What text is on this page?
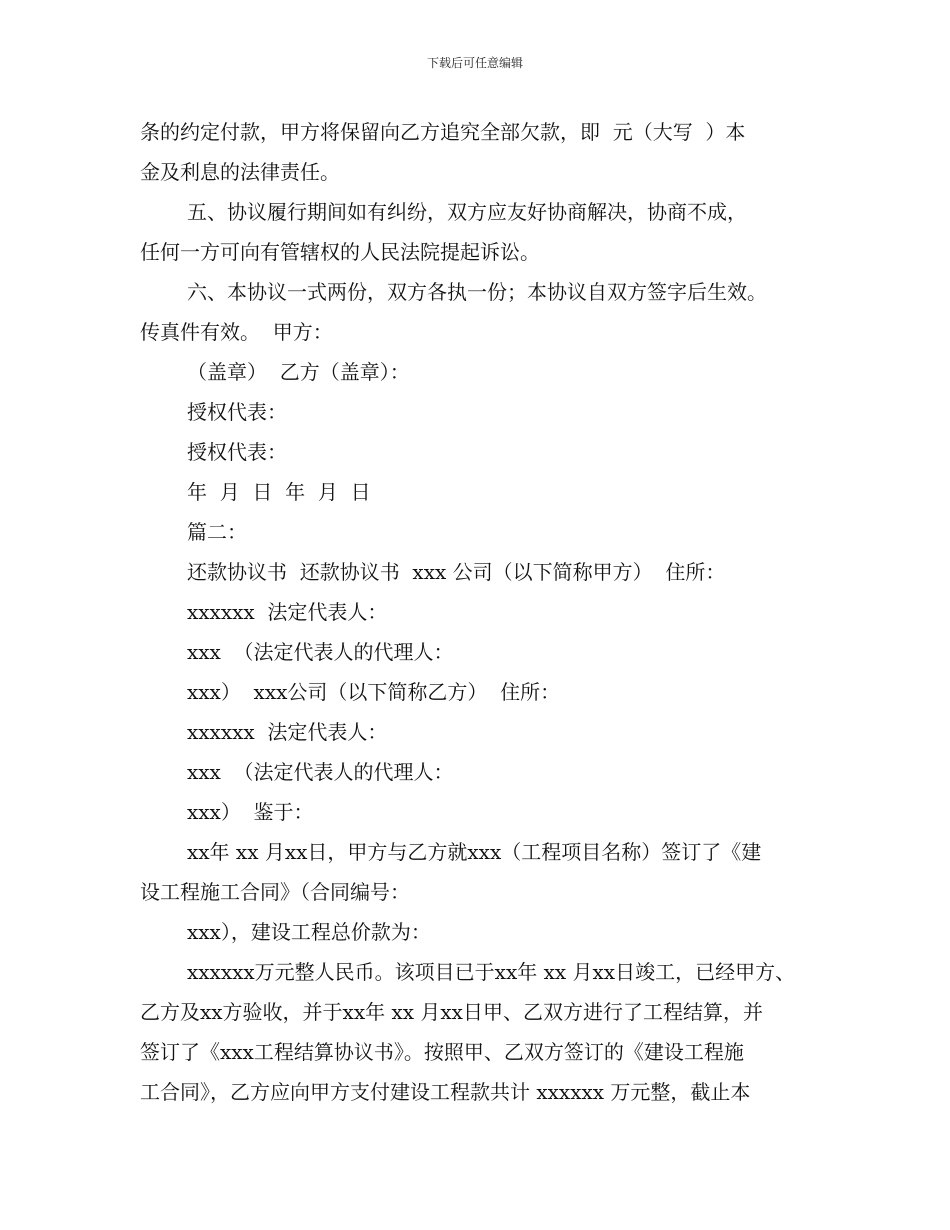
下载后可任意编辑
条的约定付款，甲方将保留向乙方追究全部欠款，即  元（大写  ）本
金及利息的法律责任。
五、协议履行期间如有纠纷，双方应友好协商解决，协商不成，
任何一方可向有管辖权的人民法院提起诉讼。
六、本协议一式两份，双方各执一份；本协议自双方签字后生效。
传真件有效。  甲方：
（盖章）  乙方（盖章）：
授权代表：
授权代表：
年  月  日  年  月  日
篇二：
还款协议书  还款协议书  xxx 公司（以下简称甲方）  住所：
xxxxxx  法定代表人：
xxx  （法定代表人的代理人：
xxx）  xxx公司（以下简称乙方）  住所：
xxxxxx  法定代表人：
xxx  （法定代表人的代理人：
xxx）  鉴于：
xx年 xx 月xx日，甲方与乙方就xxx（工程项目名称）签订了《建
设工程施工合同》（合同编号：
xxx），建设工程总价款为：
xxxxxx万元整人民币。该项目已于xx年 xx 月xx日竣工，已经甲方、
乙方及xx方验收，并于xx年 xx 月xx日甲、乙双方进行了工程结算，并
签订了《xxx工程结算协议书》。按照甲、乙双方签订的《建设工程施
工合同》，乙方应向甲方支付建设工程款共计 xxxxxx 万元整，截止本
